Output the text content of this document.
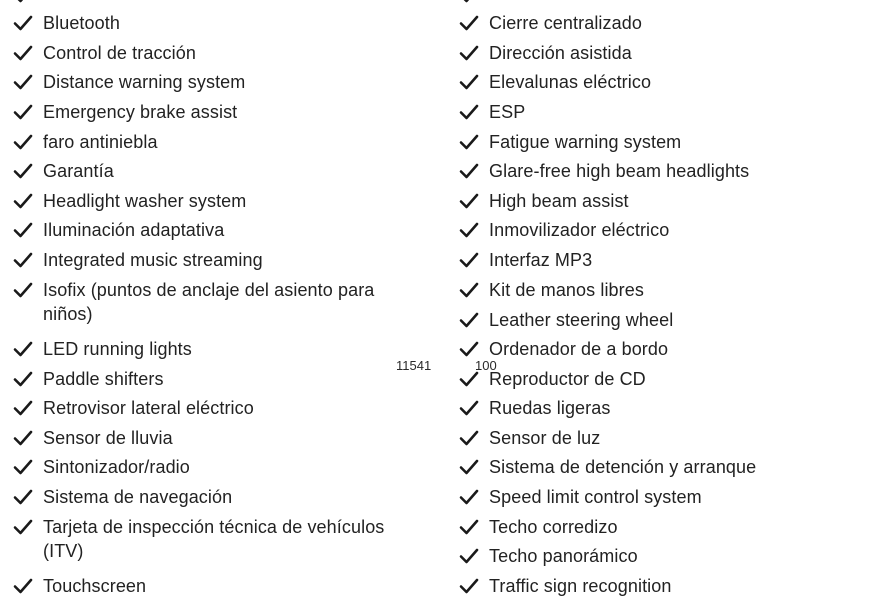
Bluetooth
Control de tracción
Distance warning system
Emergency brake assist
faro antiniebla
Garantía
Headlight washer system
Iluminación adaptativa
Integrated music streaming
Isofix (puntos de anclaje del asiento para niños)
LED running lights
Paddle shifters
Retrovisor lateral eléctrico
Sensor de lluvia
Sintonizador/radio
Sistema de navegación
Tarjeta de inspección técnica de vehículos (ITV)
Touchscreen
Cierre centralizado
Dirección asistida
Elevalunas eléctrico
ESP
Fatigue warning system
Glare-free high beam headlights
High beam assist
Inmovilizador eléctrico
Interfaz MP3
Kit de manos libres
Leather steering wheel
Ordenador de a bordo
Reproductor de CD
Ruedas ligeras
Sensor de luz
Sistema de detención y arranque
Speed limit control system
Techo corredizo
Techo panorámico
Traffic sign recognition
11541	100
